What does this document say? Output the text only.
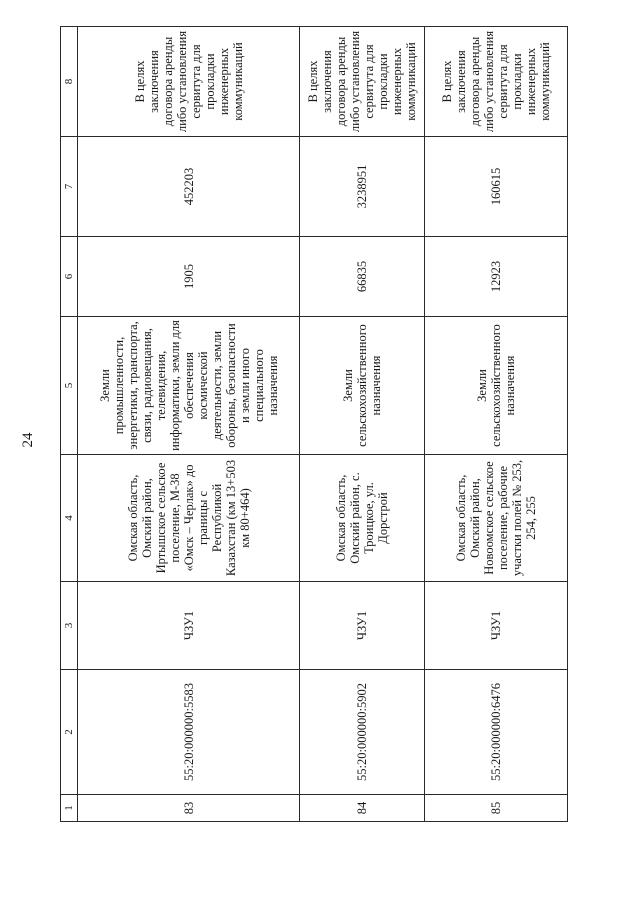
24
1	2	3	4	5	6	7	8
83	55:20:000000:5583	ЧЗУ1	Омская область, Омский район, Иртышское сельское поселение, М-38 «Омск – Черлак» до границы с Республикой Казахстан (км 13+503 км 80+464)	Земли промышленности, энергетики, транспорта, связи, радиовещания, телевидения, информатики, земли для обеспечения космической деятельности, земли обороны, безопасности и земли иного специального назначения	1905	452203	В целях заключения договора аренды либо установления сервитута для прокладки инженерных коммуникаций
84	55:20:000000:5902	ЧЗУ1	Омская область, Омский район, с. Троицкое, ул. Дорстрой	Земли сельскохозяйственного назначения	66835	3238951	В целях заключения договора аренды либо установления сервитута для прокладки инженерных коммуникаций
85	55:20:000000:6476	ЧЗУ1	Омская область, Омский район, Новоомское сельское поселение, рабочие участки полей № 253, 254, 255	Земли сельскохозяйственного назначения	12923	160615	В целях заключения договора аренды либо установления сервитута для прокладки инженерных коммуникаций
